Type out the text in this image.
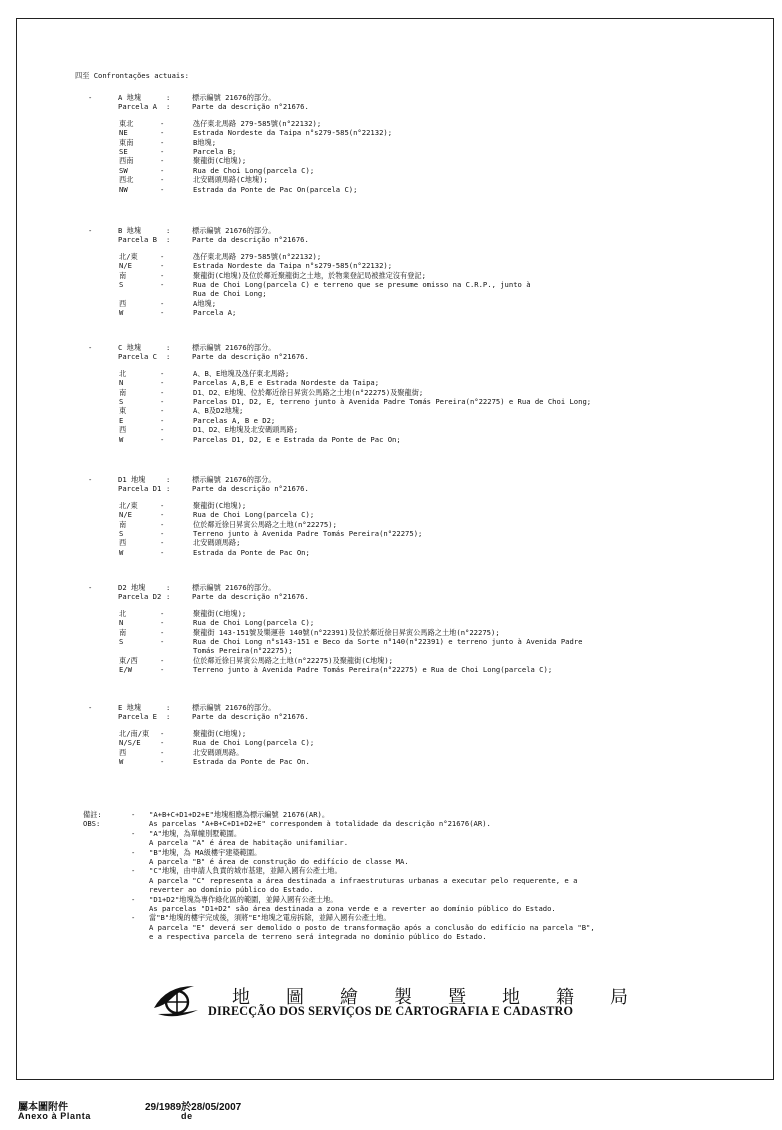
四至 Confrontações actuais:
-	A 地塊	:	標示編號 21676的部分。
Parcela A :	Parte da descrição n°21676.
東北	-	氹仔東北馬路 279-585號(n°22132);
NE	-	Estrada Nordeste da Taipa n°s279-585(n°22132);
東南	-	B地塊;
SE	-	Parcela B;
西南	-	聚龍街(C地塊);
SW	-	Rua de Choi Long(parcela C);
西北	-	北安碼頭馬路(C地塊);
NW	-	Estrada da Ponte de Pac On(parcela C);
-	B 地塊	:	標示編號 21676的部分。
Parcela B :	Parte da descrição n°21676.
北/東	-	氹仔東北馬路 279-585號(n°22132);
N/E	-	Estrada Nordeste da Taipa n°s279-585(n°22132);
南	-	聚龍街(C地塊)及位於鄰近聚龍街之土地，於物業登記局被推定沒有登記;
S	-	Rua de Choi Long(parcela C) e terreno que se presume omisso na C.R.P., junto à
Rua de Choi Long;
西	-	A地塊;
W	-	Parcela A;
-	C 地塊	:	標示編號 21676的部分。
Parcela C :	Parte da descrição n°21676.
北	-	A、B、E地塊及氹仔東北馬路;
N	-	Parcelas A,B,E e Estrada Nordeste da Taipa;
南	-	D1、D2、E地塊、位於鄰近徐日昇寅公馬路之土地(n°22275)及聚龍街;
S	-	Parcelas D1, D2, E, terreno junto à Avenida Padre Tomás Pereira(n°22275) e Rua de Choi Long;
東	-	A、B及D2地塊;
E	-	Parcelas A, B e D2;
西	-	D1、D2、E地塊及北安碼頭馬路;
W	-	Parcelas D1, D2, E e Estrada da Ponte de Pac On;
-	D1 地塊	:	標示編號 21676的部分。
Parcela D1 :	Parte da descrição n°21676.
北/東	-	聚龍街(C地塊);
N/E	-	Rua de Choi Long(parcela C);
南	-	位於鄰近徐日昇寅公馬路之土地(n°22275);
S	-	Terreno junto à Avenida Padre Tomás Pereira(n°22275);
西	-	北安碼頭馬路;
W	-	Estrada da Ponte de Pac On;
-	D2 地塊	:	標示編號 21676的部分。
Parcela D2 :	Parte da descrição n°21676.
北	-	聚龍街(C地塊);
N	-	Rua de Choi Long(parcela C);
南	-	聚龍街 143-151號及樂運巷 140號(n°22391)及位於鄰近徐日昇寅公馬路之土地(n°22275);
S	-	Rua de Choi Long n°s143-151 e Beco da Sorte n°140(n°22391) e terreno junto à Avenida Padre
Tomás Pereira(n°22275);
東/西	-	位於鄰近徐日昇寅公馬路之土地(n°22275)及聚龍街(C地塊);
E/W	-	Terreno junto à Avenida Padre Tomás Pereira(n°22275) e Rua de Choi Long(parcela C);
-	E 地塊	:	標示編號 21676的部分。
Parcela E :	Parte da descrição n°21676.
北/南/東 -	聚龍街(C地塊);
N/S/E	-	Rua de Choi Long(parcela C);
西	-	北安碼頭馬路。
W	-	Estrada da Ponte de Pac On.
備註:	- "A+B+C+D1+D2+E"地塊相應為標示編號 21676(AR)。
OBS:	As parcelas "A+B+C+D1+D2+E" correspondem à totalidade da descrição n°21676(AR).
- "A"地塊，為單幢別墅範圍。
A parcela "A" é área de habitação unifamiliar.
- "B"地塊，為 MA級樓宇建築範圍。
A parcela "B" é área de construção do edifício de classe MA.
- "C"地塊，由申請人負責的城市基建，並歸入國有公產土地。
A parcela "C" representa a área destinada a infraestruturas urbanas a executar pelo requerente, e a
reverter ao domínio público do Estado.
- "D1+D2"地塊為專作綠化區的範圍，並歸入國有公產土地。
As parcelas "D1+D2" são área destinada a zona verde e a reverter ao domínio público do Estado.
- 當"B"地塊的樓宇完成後，須將"E"地塊之電房拆除，並歸入國有公產土地。
A parcela "E" deverá ser demolido o posto de transformação após a conclusão do edifício na parcela "B",
e a respectiva parcela de terreno será integrada no domínio público do Estado.
地圖繪製暨地籍局
DIRECÇÃO DOS SERVIÇOS DE CARTOGRAFIA E CADASTRO
屬本圖附件	29/1989於28/05/2007
Anexo à Planta	de
